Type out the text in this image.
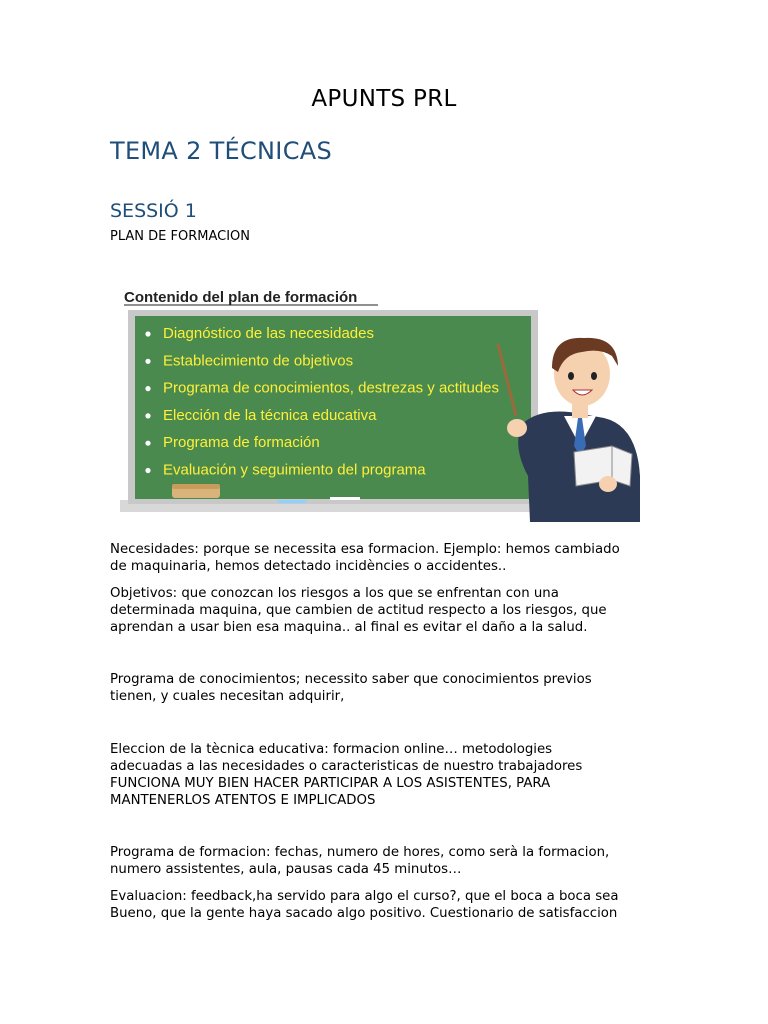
APUNTS PRL
TEMA 2 TÉCNICAS
SESSIÓ 1
PLAN DE FORMACION
Contenido del plan de formación
Diagnóstico de las necesidades
Establecimiento de objetivos
Programa de conocimientos, destrezas y actitudes
Elección de la técnica educativa
Programa de formación
Evaluación y seguimiento del programa
Necesidades: porque se necessita esa formacion. Ejemplo: hemos cambiado
de maquinaria, hemos detectado incidències o accidentes..
Objetivos: que conozcan los riesgos a los que se enfrentan con una
determinada maquina, que cambien de actitud respecto a los riesgos, que
aprendan a usar bien esa maquina.. al final es evitar el daño a la salud.
Programa de conocimientos; necessito saber que conocimientos previos
tienen, y cuales necesitan adquirir,
Eleccion de la tècnica educativa: formacion online… metodologies
adecuadas a las necesidades o caracteristicas de nuestro trabajadores
FUNCIONA MUY BIEN HACER PARTICIPAR A LOS ASISTENTES, PARA
MANTENERLOS ATENTOS E IMPLICADOS
Programa de formacion: fechas, numero de hores, como serà la formacion,
numero assistentes, aula, pausas cada 45 minutos…
Evaluacion: feedback,ha servido para algo el curso?, que el boca a boca sea
Bueno, que la gente haya sacado algo positivo. Cuestionario de satisfaccion
